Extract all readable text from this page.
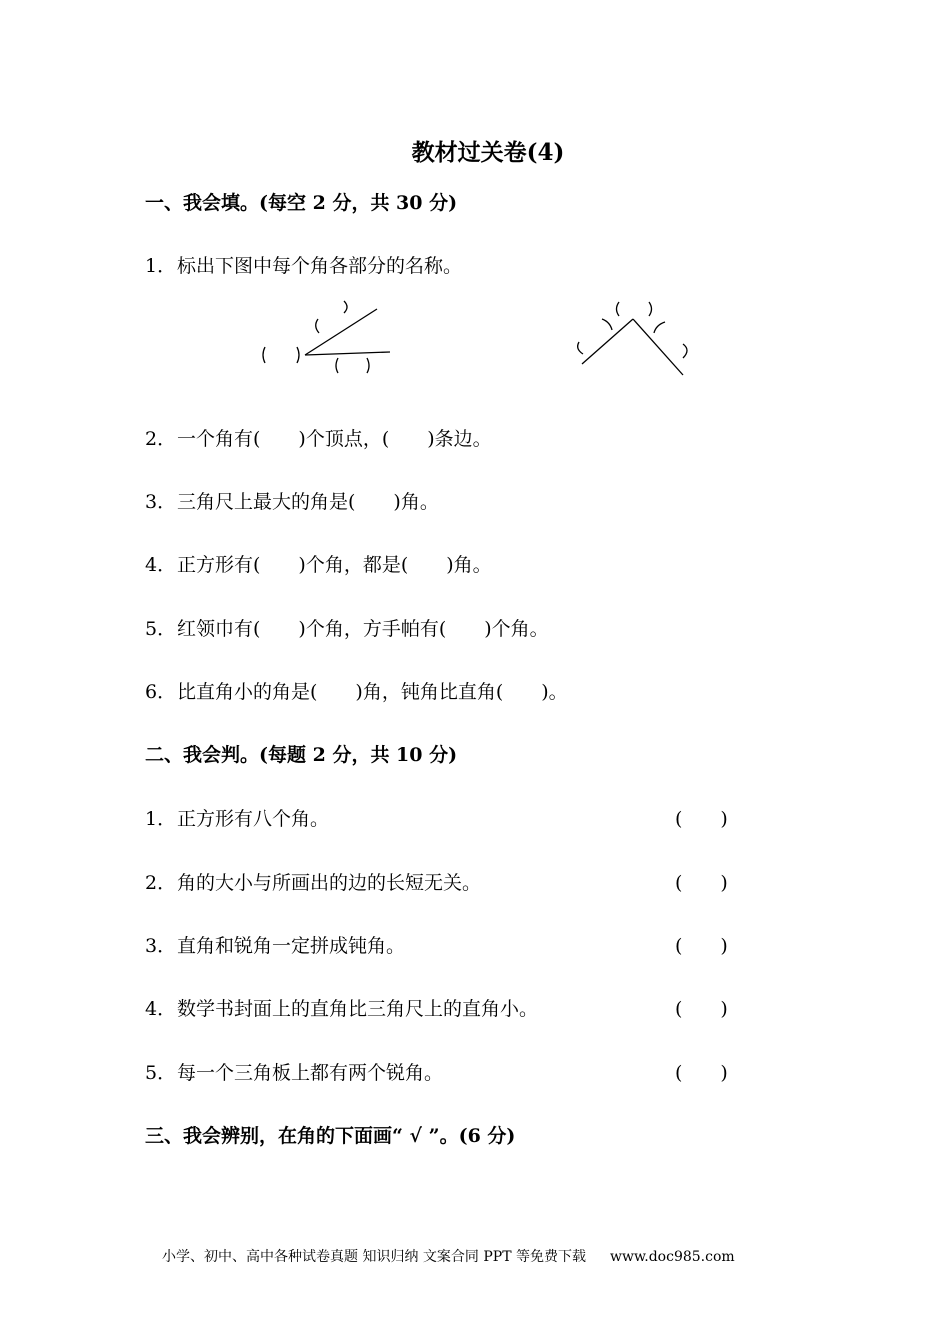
教材过关卷(4)
一、我会填。(每空 2 分，共 30 分)
1．标出下图中每个角各部分的名称。
2．一个角有(　　)个顶点，(　　)条边。
3．三角尺上最大的角是(　　)角。
4．正方形有(　　)个角，都是(　　)角。
5．红领巾有(　　)个角，方手帕有(　　)个角。
6．比直角小的角是(　　)角，钝角比直角(　　)。
二、我会判。(每题 2 分，共 10 分)
1．正方形有八个角。	(　　)
2．角的大小与所画出的边的长短无关。	(　　)
3．直角和锐角一定拼成钝角。	(　　)
4．数学书封面上的直角比三角尺上的直角小。	(　　)
5．每一个三角板上都有两个锐角。	(　　)
三、我会辨别，在角的下面画“ √ ”。(6 分)
小学、初中、高中各种试卷真题 知识归纳 文案合同 PPT 等免费下载 www.doc985.com
